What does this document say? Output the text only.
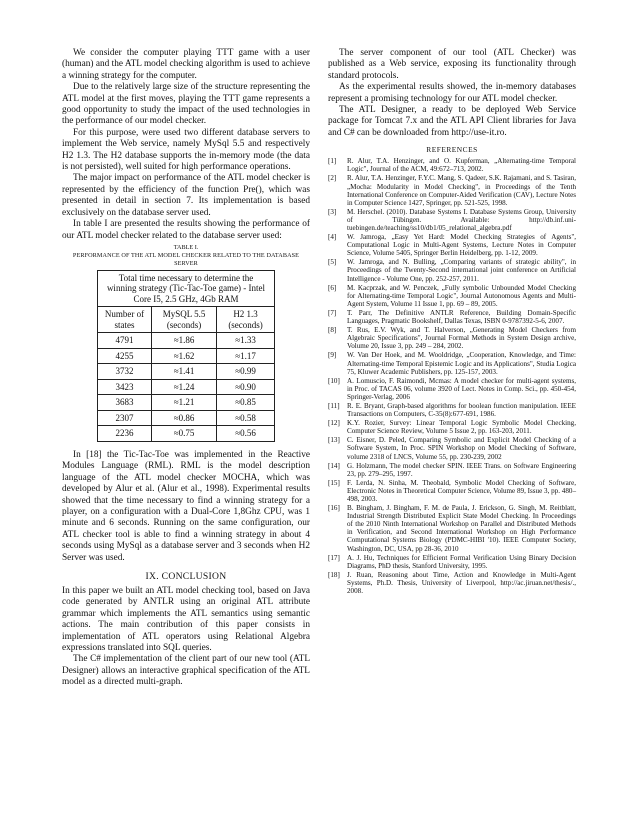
We consider the computer playing TTT game with a user (human) and the ATL model checking algorithm is used to achieve a winning strategy for the computer.

Due to the relatively large size of the structure representing the ATL model at the first moves, playing the TTT game represents a good opportunity to study the impact of the used technologies in the performance of our model checker.

For this purpose, were used two different database servers to implement the Web service, namely MySql 5.5 and respectively H2 1.3. The H2 database supports the in-memory mode (the data is not persisted), well suited for high performance operations.

The major impact on performance of the ATL model checker is represented by the efficiency of the function Pre(), which was presented in detail in section 7. Its implementation is based exclusively on the database server used.

In table I are presented the results showing the performance of our ATL model checker related to the database server used:

TABLE I.
PERFORMANCE OF THE ATL MODEL CHECKER RELATED TO THE DATABASE SERVER
Total time necessary to determine the winning strategy (Tic-Tac-Toe game) - Intel Core I5, 2.5 GHz, 4Gb RAM		
Number of states	MySQL 5.5 (seconds)	H2 1.3 (seconds)
4791	≈1.86	≈1.33
4255	≈1.62	≈1.17
3732	≈1.41	≈0.99
3423	≈1.24	≈0.90
3683	≈1.21	≈0.85
2307	≈0.86	≈0.58
2236	≈0.75	≈0.56

In [18] the Tic-Tac-Toe was implemented in the Reactive Modules Language (RML). RML is the model description language of the ATL model checker MOCHA, which was developed by Alur et al. (Alur et al., 1998). Experimental results showed that the time necessary to find a winning strategy for a player, on a configuration with a Dual-Core 1,8Ghz CPU, was 1 minute and 6 seconds. Running on the same configuration, our ATL checker tool is able to find a winning strategy in about 4 seconds using MySql as a database server and 3 seconds when H2 Server was used.

IX. CONCLUSION

In this paper we built an ATL model checking tool, based on Java code generated by ANTLR using an original ATL attribute grammar which implements the ATL semantics using semantic actions. The main contribution of this paper consists in implementation of ATL operators using Relational Algebra expressions translated into SQL queries.

The C# implementation of the client part of our new tool (ATL Designer) allows an interactive graphical specification of the ATL model as a directed multi-graph.

The server component of our tool (ATL Checker) was published as a Web service, exposing its functionality through standard protocols.

As the experimental results showed, the in-memory databases represent a promising technology for our ATL model checker.

The ATL Designer, a ready to be deployed Web Service package for Tomcat 7.x and the ATL API Client libraries for Java and C# can be downloaded from http://use-it.ro.

REFERENCES
[1]	R. Alur, T.A. Henzinger, and O. Kupferman, „Alternating-time Temporal Logic", Journal of the ACM, 49:672–713, 2002.
[2]	R. Alur, T.A. Henzinger, F.Y.C. Mang, S. Qadeer, S.K. Rajamani, and S. Tasiran, „Mocha: Modularity in Model Checking", in Proceedings of the Tenth International Conference on Computer-Aided Verification (CAV), Lecture Notes in Computer Science 1427, Springer, pp. 521-525, 1998.
[3]	M. Herschel. (2010). Database Systems I. Database Systems Group, University of Tübingen. Available: http://db.inf.uni-tuebingen.de/teaching/ss10/db1/05_relational_algebra.pdf
[4]	W. Jamroga, „Easy Yet Hard: Model Checking Strategies of Agents", Computational Logic in Multi-Agent Systems, Lecture Notes in Computer Science, Volume 5405, Springer Berlin Heidelberg, pp. 1-12, 2009.
[5]	W. Jamroga, and N. Bulling, „Comparing variants of strategic ability", in Proceedings of the Twenty-Second international joint conference on Artificial Intelligence - Volume One, pp. 252-257, 2011.
[6]	M. Kacprzak, and W. Penczek, „Fully symbolic Unbounded Model Checking for Alternating-time Temporal Logic", Journal Autonomous Agents and Multi-Agent System, Volume 11 Issue 1, pp. 69 – 89, 2005.
[7]	T. Parr, The Definitive ANTLR Reference, Building Domain-Specific Languages, Pragmatic Bookshelf, Dallas Texas, ISBN 0-9787392-5-6, 2007.
[8]	T. Rus, E.V. Wyk, and T. Halverson, „Generating Model Checkers from Algebraic Specifications", Journal Formal Methods in System Design archive, Volume 20, Issue 3, pp. 249 – 284, 2002.
[9]	W. Van Der Hoek, and M. Wooldridge, „Cooperation, Knowledge, and Time: Alternating-time Temporal Epistemic Logic and its Applications", Studia Logica 75, Kluwer Academic Publishers, pp. 125-157, 2003.
[10]	A. Lomuscio, F. Raimondi, Mcmas: A model checker for multi-agent systems, in Proc. of TACAS 06, volume 3920 of Lect. Notes in Comp. Sci., pp. 450-454, Springer-Verlag, 2006
[11]	R. E. Bryant, Graph-based algorithms for boolean function manipulation. IEEE Transactions on Computers, C-35(8):677-691, 1986.
[12]	K.Y. Rozier, Survey: Linear Temporal Logic Symbolic Model Checking, Computer Science Review, Volume 5 Issue 2, pp. 163-203, 2011.
[13]	C. Eisner, D. Peled, Comparing Symbolic and Explicit Model Checking of a Software System, In Proc. SPIN Workshop on Model Checking of Software, volume 2318 of LNCS, Volume 55, pp. 230-239, 2002
[14]	G. Holzmann, The model checker SPIN. IEEE Trans. on Software Engineering 23, pp. 279–295, 1997.
[15]	F. Lerda, N. Sinha, M. Theobald, Symbolic Model Checking of Software, Electronic Notes in Theoretical Computer Science, Volume 89, Issue 3, pp. 480–498, 2003.
[16]	B. Bingham, J. Bingham, F. M. de Paula, J. Erickson, G. Singh, M. Reitblatt, Industrial Strength Distributed Explicit State Model Checking. In Proceedings of the 2010 Ninth International Workshop on Parallel and Distributed Methods in Verification, and Second International Workshop on High Performance Computational Systems Biology (PDMC-HIBI '10). IEEE Computer Society, Washington, DC, USA, pp 28-36, 2010
[17]	A. J. Hu, Techniques for Efficient Formal Verification Using Binary Decision Diagrams, PhD thesis, Stanford University, 1995.
[18]	J. Ruan, Reasoning about Time, Action and Knowledge in Multi-Agent Systems, Ph.D. Thesis, University of Liverpool, http://ac.jiruan.net/thesis/., 2008.
